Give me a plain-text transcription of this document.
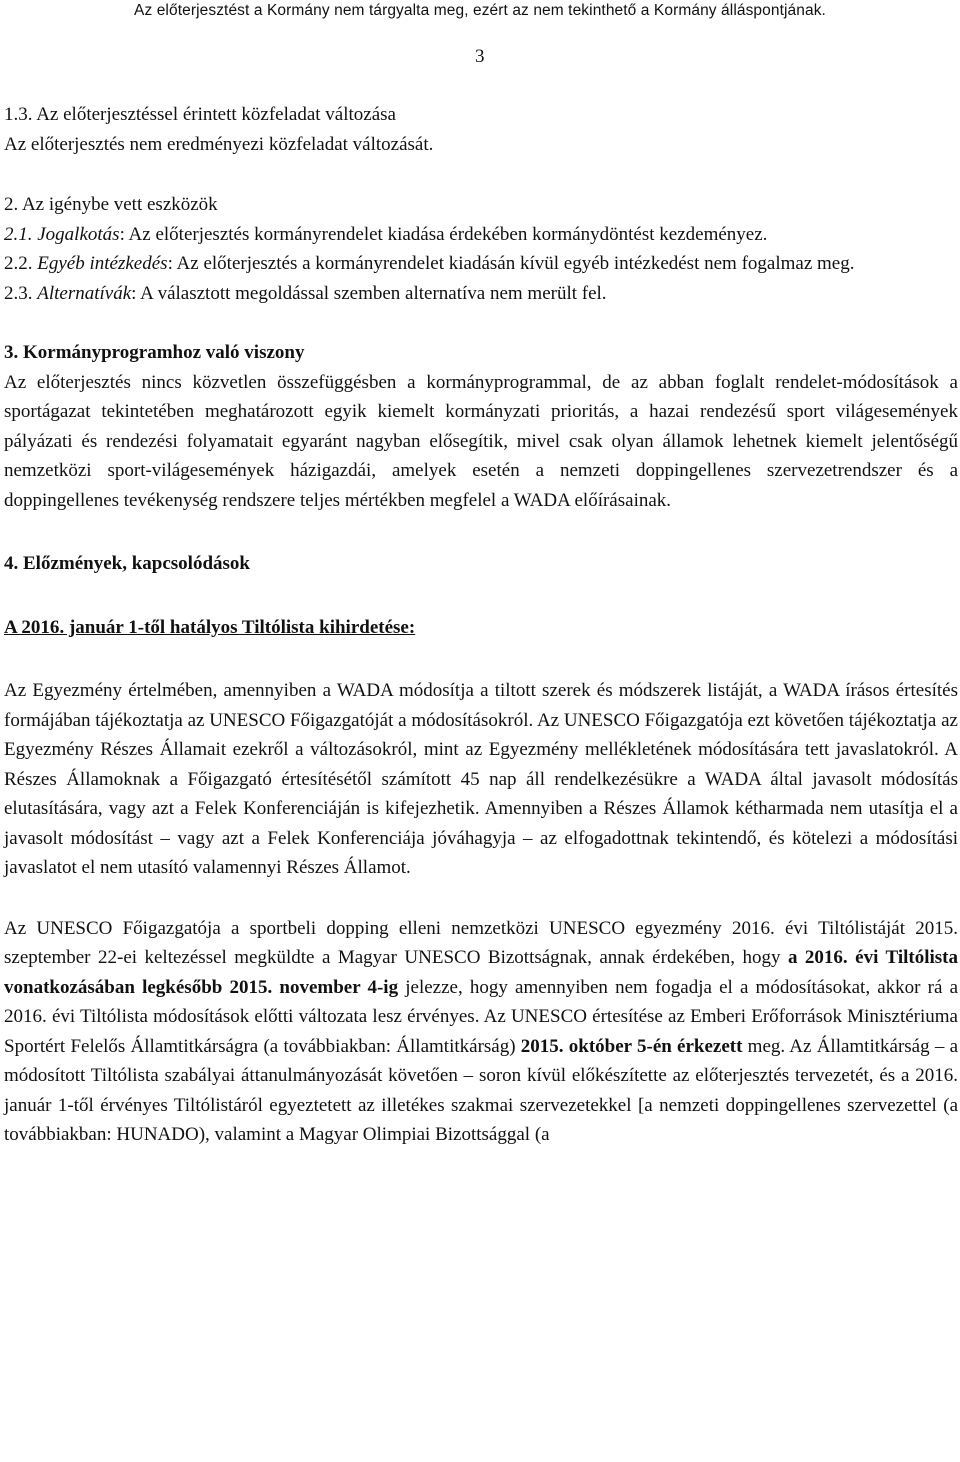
Az előterjesztést a Kormány nem tárgyalta meg, ezért az nem tekinthető a Kormány álláspontjának.
3

1.3. Az előterjesztéssel érintett közfeladat változása

Az előterjesztés nem eredményezi közfeladat változását.

2. Az igénybe vett eszközök

2.1. Jogalkotás: Az előterjesztés kormányrendelet kiadása érdekében kormánydöntést kezdeményez.

2.2. Egyéb intézkedés: Az előterjesztés a kormányrendelet kiadásán kívül egyéb intézkedést nem fogalmaz meg.

2.3. Alternatívák: A választott megoldással szemben alternatíva nem merült fel.

3. Kormányprogramhoz való viszony

Az előterjesztés nincs közvetlen összefüggésben a kormányprogrammal, de az abban foglalt rendelet-módosítások a sportágazat tekintetében meghatározott egyik kiemelt kormányzati prioritás, a hazai rendezésű sport világesemények pályázati és rendezési folyamatait egyaránt nagyban elősegítik, mivel csak olyan államok lehetnek kiemelt jelentőségű nemzetközi sport-világesemények házigazdái, amelyek esetén a nemzeti doppingellenes szervezetrendszer és a doppingellenes tevékenység rendszere teljes mértékben megfelel a WADA előírásainak.

4. Előzmények, kapcsolódások

A 2016. január 1-től hatályos Tiltólista kihirdetése:

Az Egyezmény értelmében, amennyiben a WADA módosítja a tiltott szerek és módszerek listáját, a WADA írásos értesítés formájában tájékoztatja az UNESCO Főigazgatóját a módosításokról. Az UNESCO Főigazgatója ezt követően tájékoztatja az Egyezmény Részes Államait ezekről a változásokról, mint az Egyezmény mellékletének módosítására tett javaslatokról. A Részes Államoknak a Főigazgató értesítésétől számított 45 nap áll rendelkezésükre a WADA által javasolt módosítás elutasítására, vagy azt a Felek Konferenciáján is kifejezhetik. Amennyiben a Részes Államok kétharmada nem utasítja el a javasolt módosítást – vagy azt a Felek Konferenciája jóváhagyja – az elfogadottnak tekintendő, és kötelezi a módosítási javaslatot el nem utasító valamennyi Részes Államot.

Az UNESCO Főigazgatója a sportbeli dopping elleni nemzetközi UNESCO egyezmény 2016. évi Tiltólistáját 2015. szeptember 22-ei keltezéssel megküldte a Magyar UNESCO Bizottságnak, annak érdekében, hogy a 2016. évi Tiltólista vonatkozásában legkésőbb 2015. november 4-ig jelezze, hogy amennyiben nem fogadja el a módosításokat, akkor rá a 2016. évi Tiltólista módosítások előtti változata lesz érvényes. Az UNESCO értesítése az Emberi Erőforrások Minisztériuma Sportért Felelős Államtitkárságra (a továbbiakban: Államtitkárság) 2015. október 5-én érkezett meg. Az Államtitkárság – a módosított Tiltólista szabályai áttanulmányozását követően – soron kívül előkészítette az előterjesztés tervezetét, és a 2016. január 1-től érvényes Tiltólistáról egyeztetett az illetékes szakmai szervezetekkel [a nemzeti doppingellenes szervezettel (a továbbiakban: HUNADO), valamint a Magyar Olimpiai Bizottsággal (a
